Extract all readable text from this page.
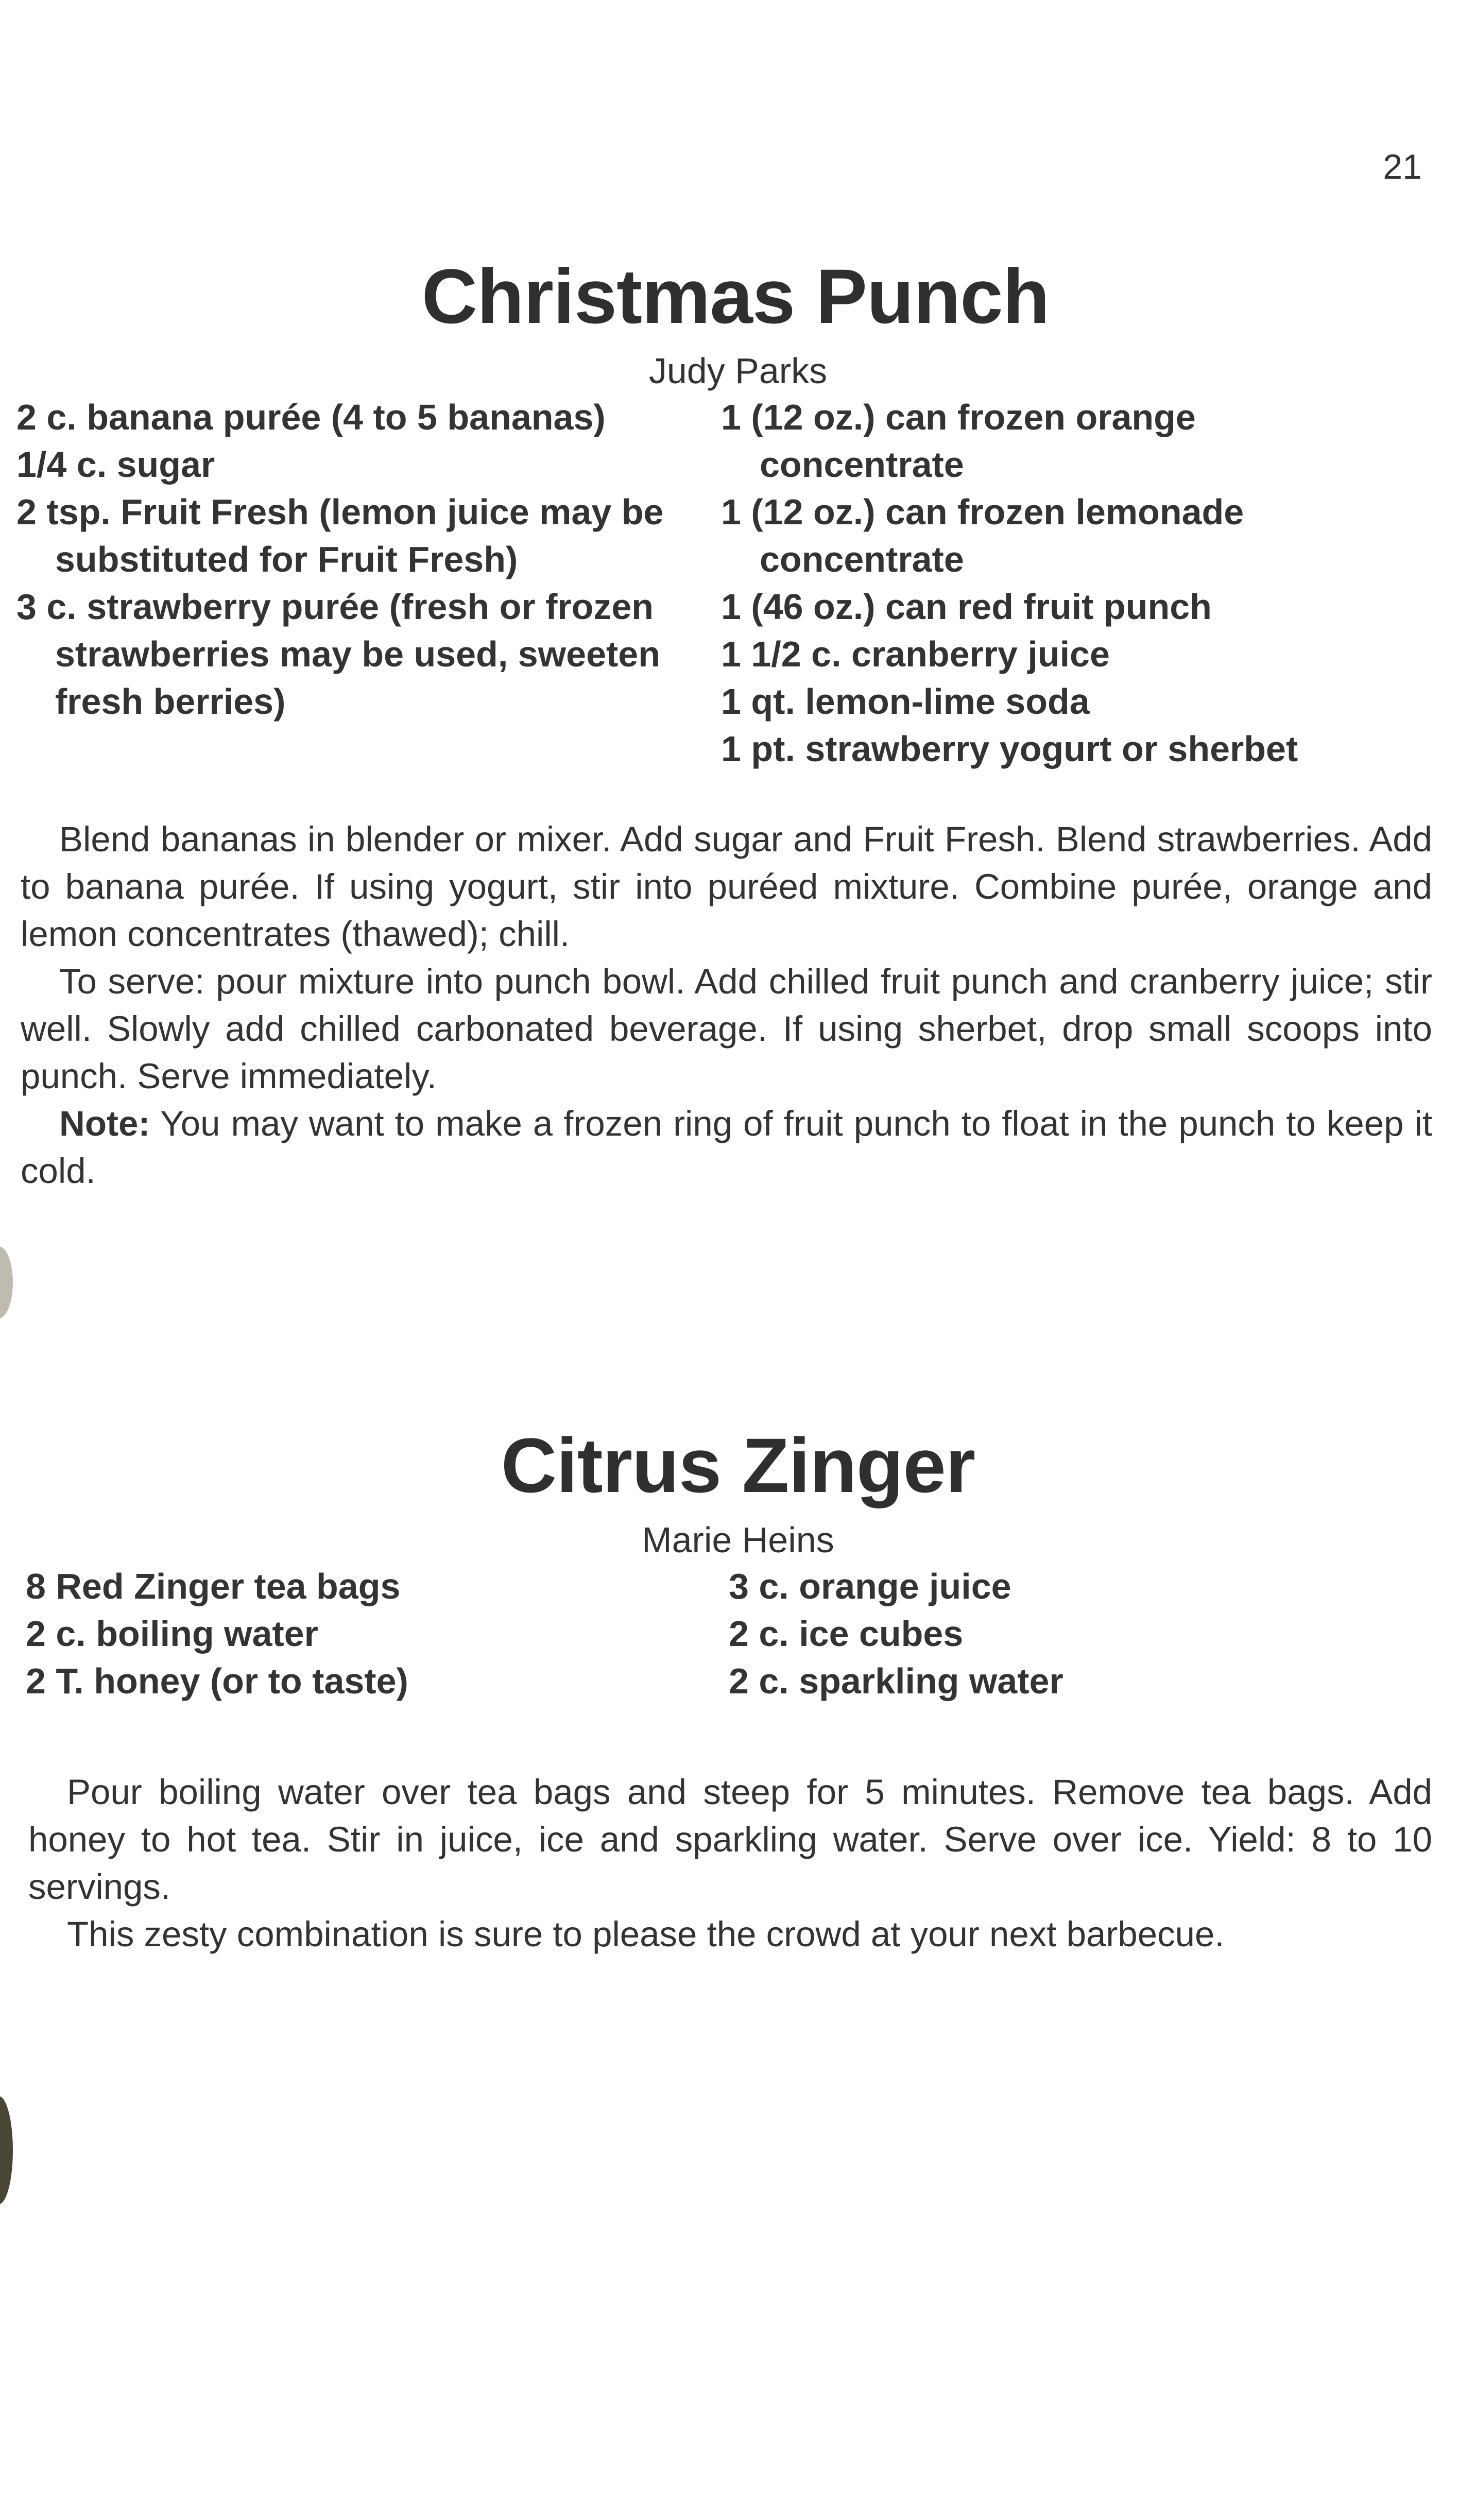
21
Christmas Punch
Judy Parks
2 c. banana purée (4 to 5 bananas)
1/4 c. sugar
2 tsp. Fruit Fresh (lemon juice may be substituted for Fruit Fresh)
3 c. strawberry purée (fresh or frozen strawberries may be used, sweeten fresh berries)
1 (12 oz.) can frozen orange concentrate
1 (12 oz.) can frozen lemonade concentrate
1 (46 oz.) can red fruit punch
1 1/2 c. cranberry juice
1 qt. lemon-lime soda
1 pt. strawberry yogurt or sherbet

Blend bananas in blender or mixer. Add sugar and Fruit Fresh. Blend strawberries. Add to banana purée. If using yogurt, stir into puréed mixture. Combine purée, orange and lemon concentrates (thawed); chill.

To serve: pour mixture into punch bowl. Add chilled fruit punch and cranberry juice; stir well. Slowly add chilled carbonated beverage. If using sherbet, drop small scoops into punch. Serve immediately.

Note: You may want to make a frozen ring of fruit punch to float in the punch to keep it cold.

Citrus Zinger
Marie Heins
8 Red Zinger tea bags
2 c. boiling water
2 T. honey (or to taste)
3 c. orange juice
2 c. ice cubes
2 c. sparkling water

Pour boiling water over tea bags and steep for 5 minutes. Remove tea bags. Add honey to hot tea. Stir in juice, ice and sparkling water. Serve over ice. Yield: 8 to 10 servings.

This zesty combination is sure to please the crowd at your next barbecue.
